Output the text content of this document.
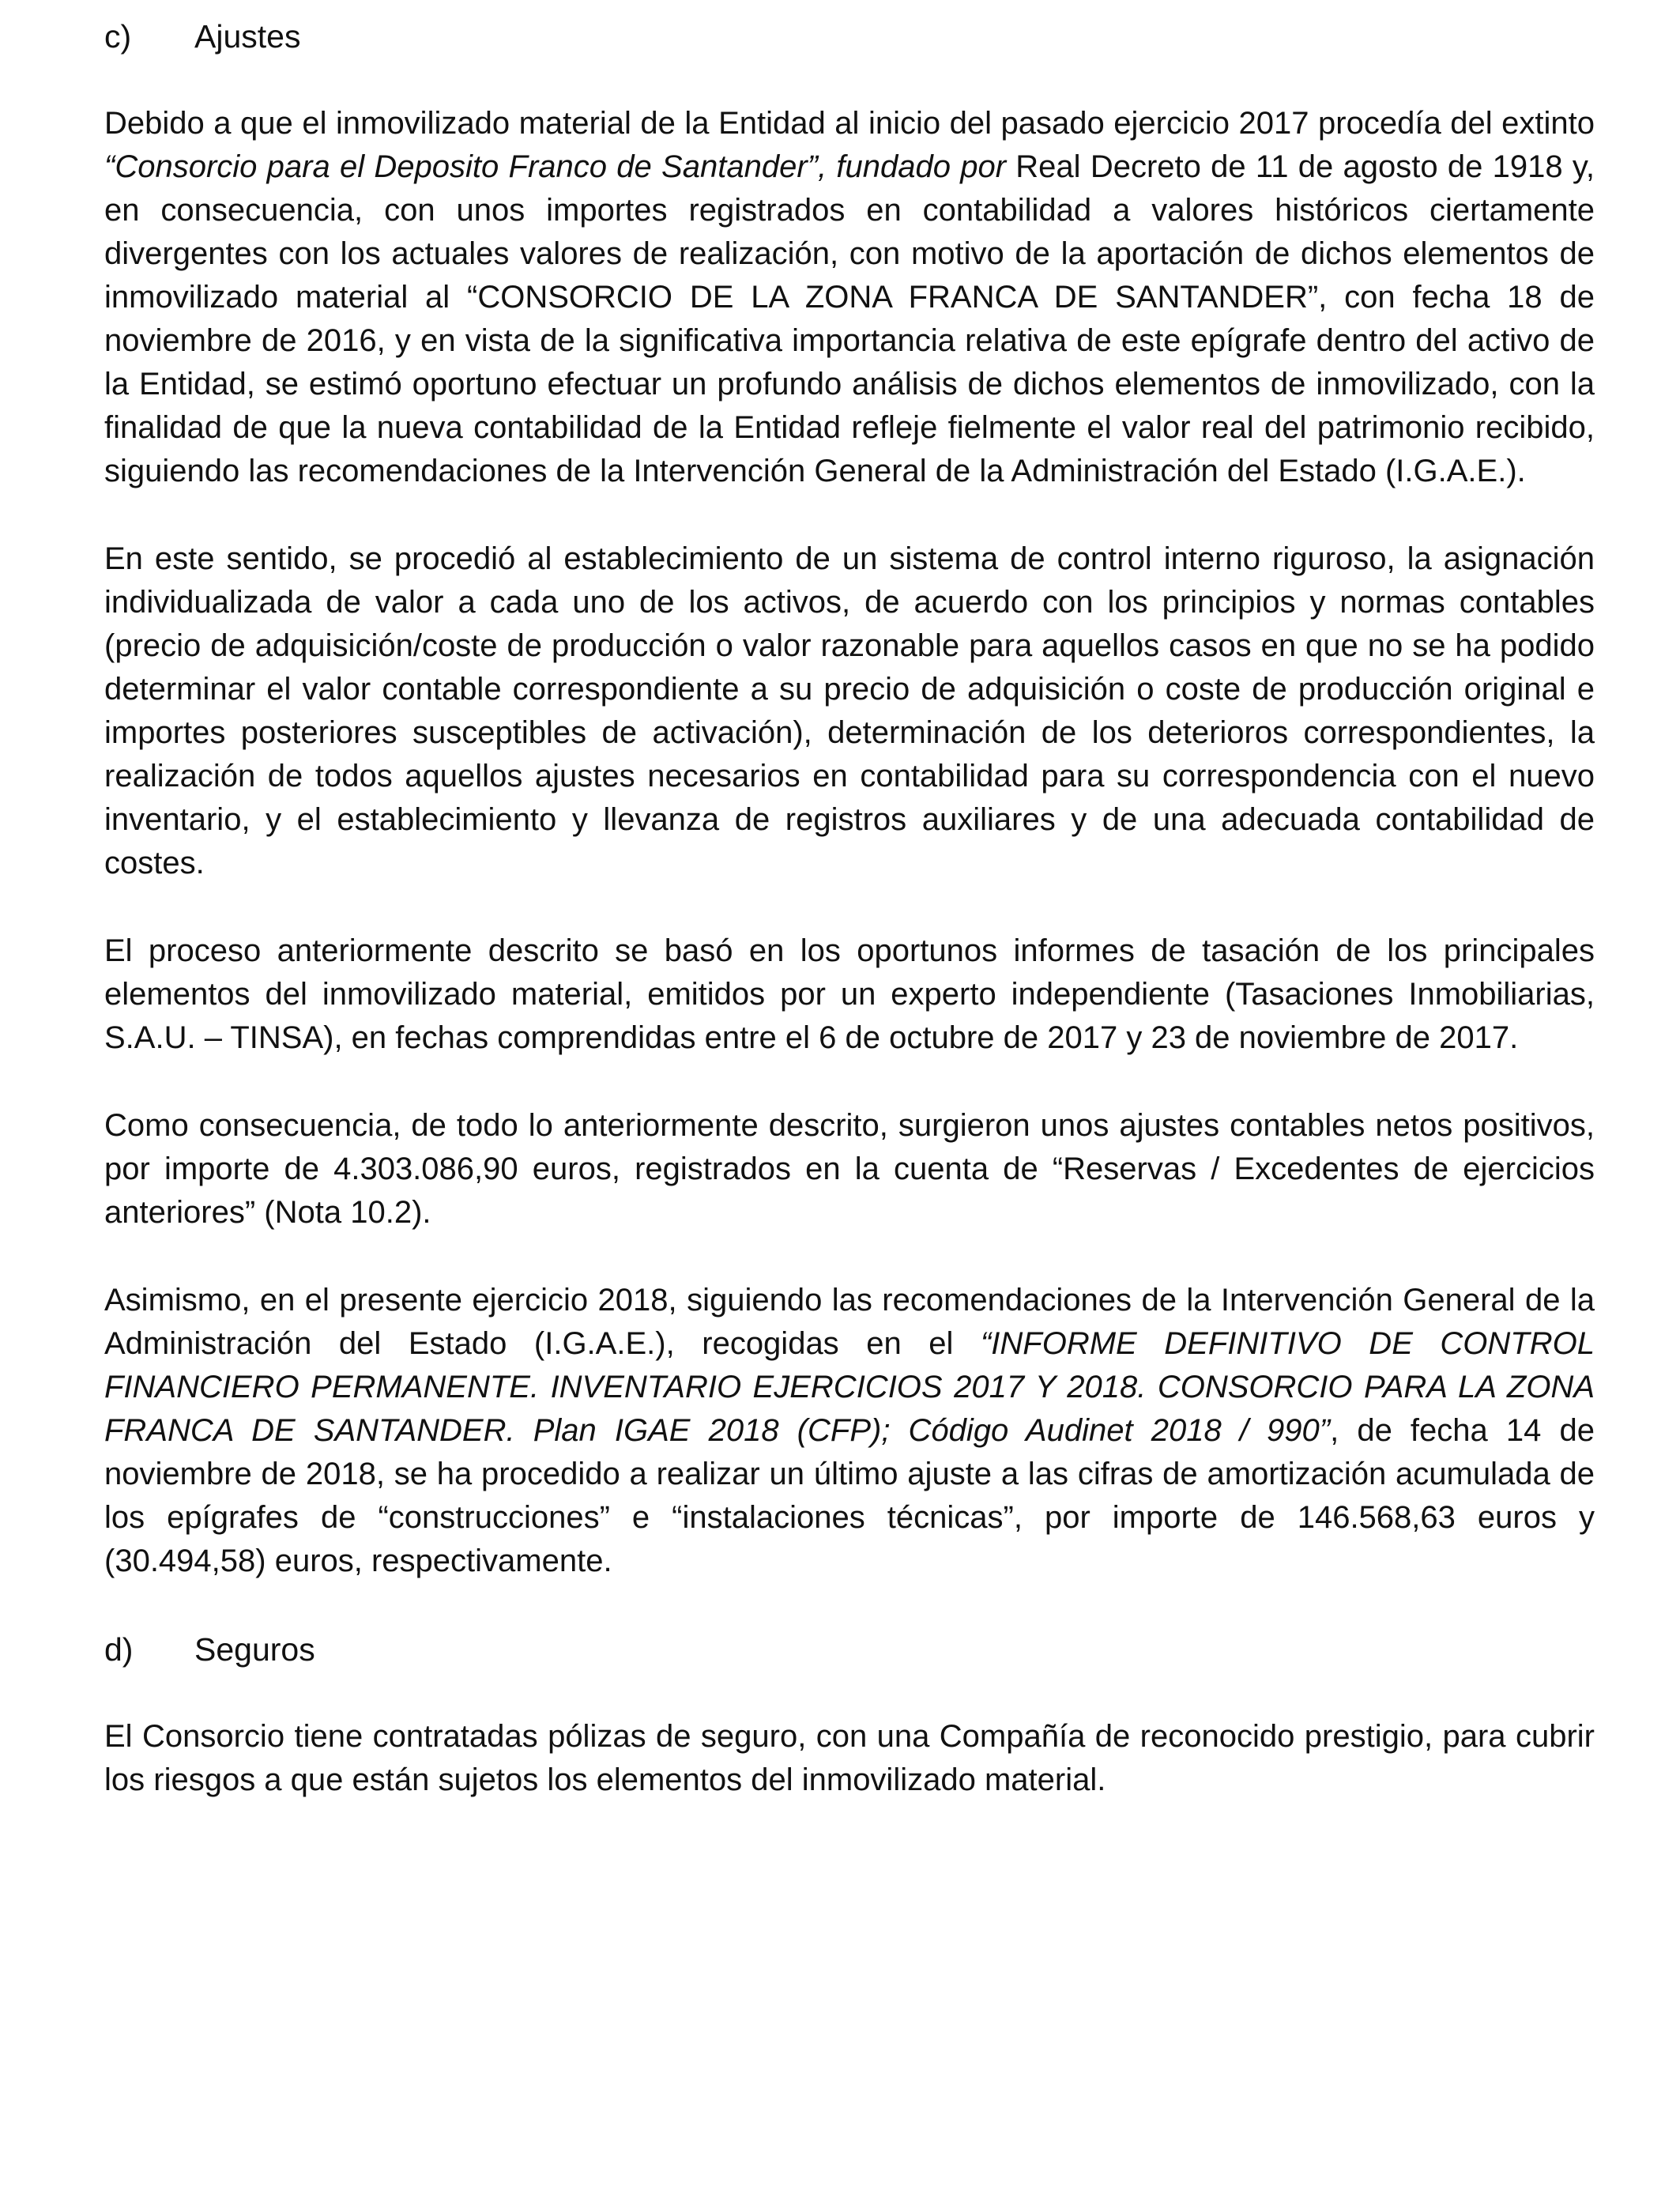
c) Ajustes

Debido a que el inmovilizado material de la Entidad al inicio del pasado ejercicio 2017 procedía del extinto “Consorcio para el Deposito Franco de Santander”, fundado por Real Decreto de 11 de agosto de 1918 y, en consecuencia, con unos importes registrados en contabilidad a valores históricos ciertamente divergentes con los actuales valores de realización, con motivo de la aportación de dichos elementos de inmovilizado material al “CONSORCIO DE LA ZONA FRANCA DE SANTANDER”, con fecha 18 de noviembre de 2016, y en vista de la significativa importancia relativa de este epígrafe dentro del activo de la Entidad, se estimó oportuno efectuar un profundo análisis de dichos elementos de inmovilizado, con la finalidad de que la nueva contabilidad de la Entidad refleje fielmente el valor real del patrimonio recibido, siguiendo las recomendaciones de la Intervención General de la Administración del Estado (I.G.A.E.).

En este sentido, se procedió al establecimiento de un sistema de control interno riguroso, la asignación individualizada de valor a cada uno de los activos, de acuerdo con los principios y normas contables (precio de adquisición/coste de producción o valor razonable para aquellos casos en que no se ha podido determinar el valor contable correspondiente a su precio de adquisición o coste de producción original e importes posteriores susceptibles de activación), determinación de los deterioros correspondientes, la realización de todos aquellos ajustes necesarios en contabilidad para su correspondencia con el nuevo inventario, y el establecimiento y llevanza de registros auxiliares y de una adecuada contabilidad de costes.

El proceso anteriormente descrito se basó en los oportunos informes de tasación de los principales elementos del inmovilizado material, emitidos por un experto independiente (Tasaciones Inmobiliarias, S.A.U. – TINSA), en fechas comprendidas entre el 6 de octubre de 2017 y 23 de noviembre de 2017.

Como consecuencia, de todo lo anteriormente descrito, surgieron unos ajustes contables netos positivos, por importe de 4.303.086,90 euros, registrados en la cuenta de “Reservas / Excedentes de ejercicios anteriores” (Nota 10.2).

Asimismo, en el presente ejercicio 2018, siguiendo las recomendaciones de la Intervención General de la Administración del Estado (I.G.A.E.), recogidas en el “INFORME DEFINITIVO DE CONTROL FINANCIERO PERMANENTE. INVENTARIO EJERCICIOS 2017 Y 2018. CONSORCIO PARA LA ZONA FRANCA DE SANTANDER. Plan IGAE 2018 (CFP); Código Audinet 2018 / 990”, de fecha 14 de noviembre de 2018, se ha procedido a realizar un último ajuste a las cifras de amortización acumulada de los epígrafes de “construcciones” e “instalaciones técnicas”, por importe de 146.568,63 euros y (30.494,58) euros, respectivamente.

d) Seguros

El Consorcio tiene contratadas pólizas de seguro, con una Compañía de reconocido prestigio, para cubrir los riesgos a que están sujetos los elementos del inmovilizado material.
